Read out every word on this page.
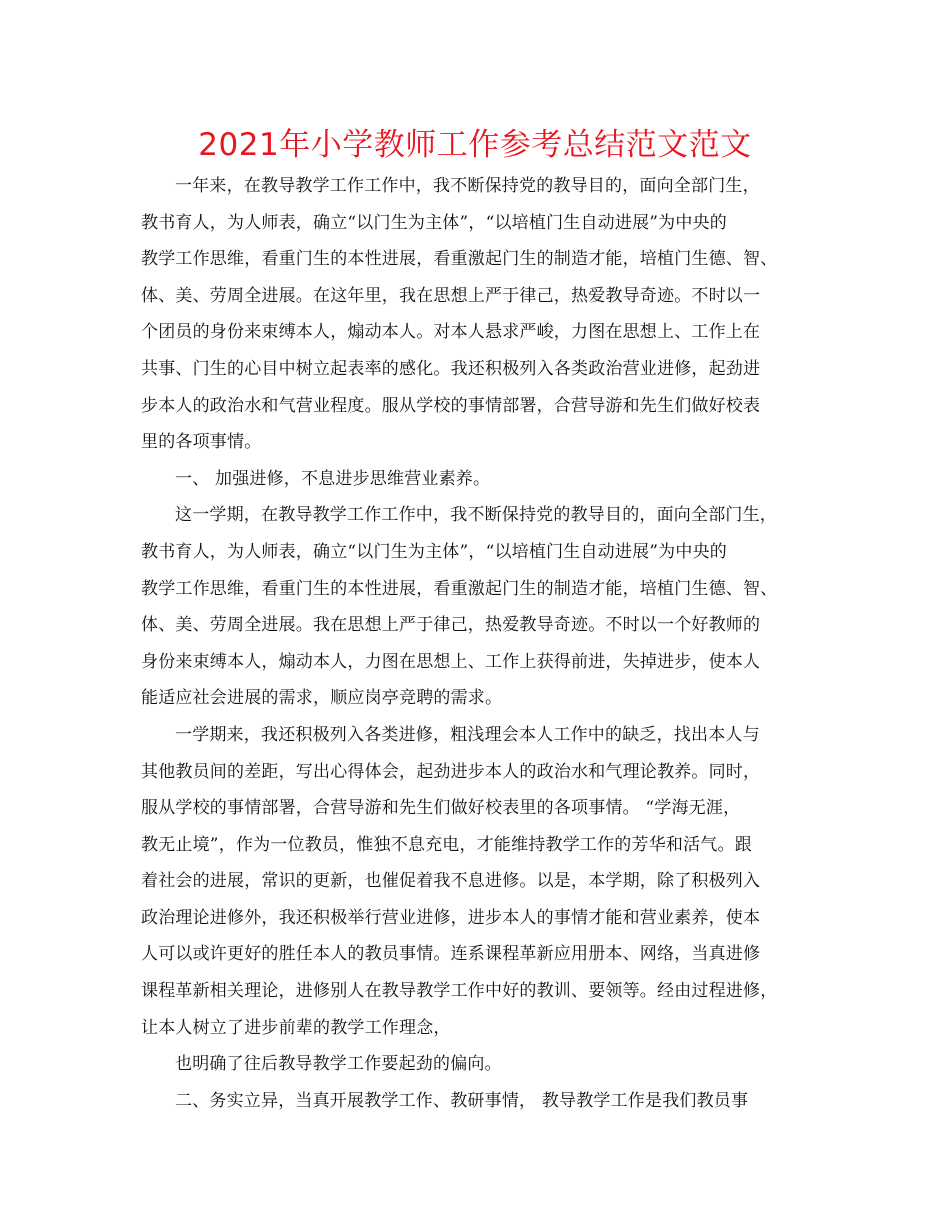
2021年小学教师工作参考总结范文范文
一年来，在教导教学工作工作中，我不断保持党的教导目的，面向全部门生，
教书育人，为人师表，确立“以门生为主体”，“以培植门生自动进展”为中央的
教学工作思维，看重门生的本性进展，看重激起门生的制造才能，培植门生德、智、
体、美、劳周全进展。在这年里，我在思想上严于律己，热爱教导奇迹。不时以一
个团员的身份来束缚本人，煽动本人。对本人悬求严峻，力图在思想上、工作上在
共事、门生的心目中树立起表率的感化。我还积极列入各类政治营业进修，起劲进
步本人的政治水和气营业程度。服从学校的事情部署，合营导游和先生们做好校表
里的各项事情。
一、 加强进修，不息进步思维营业素养。
这一学期，在教导教学工作工作中，我不断保持党的教导目的，面向全部门生，
教书育人，为人师表，确立“以门生为主体”，“以培植门生自动进展”为中央的
教学工作思维，看重门生的本性进展，看重激起门生的制造才能，培植门生德、智、
体、美、劳周全进展。我在思想上严于律己，热爱教导奇迹。不时以一个好教师的
身份来束缚本人，煽动本人，力图在思想上、工作上获得前进，失掉进步，使本人
能适应社会进展的需求，顺应岗亭竞聘的需求。
一学期来，我还积极列入各类进修，粗浅理会本人工作中的缺乏，找出本人与
其他教员间的差距，写出心得体会，起劲进步本人的政治水和气理论教养。同时，
服从学校的事情部署，合营导游和先生们做好校表里的各项事情。 “学海无涯，
教无止境”，作为一位教员，惟独不息充电，才能维持教学工作的芳华和活气。跟
着社会的进展，常识的更新，也催促着我不息进修。以是，本学期，除了积极列入
政治理论进修外，我还积极举行营业进修，进步本人的事情才能和营业素养，使本
人可以或许更好的胜任本人的教员事情。连系课程革新应用册本、网络，当真进修
课程革新相关理论，进修别人在教导教学工作中好的教训、要领等。经由过程进修，
让本人树立了进步前辈的教学工作理念，
也明确了往后教导教学工作要起劲的偏向。
二、务实立异，当真开展教学工作、教研事情， 教导教学工作是我们教员事
